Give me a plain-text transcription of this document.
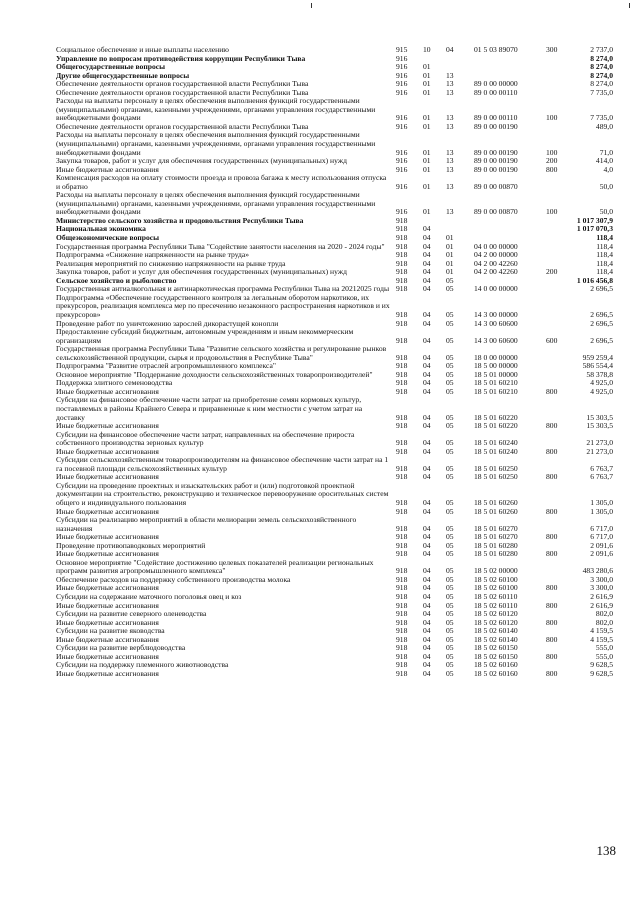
Социальное обеспечение и иные выплаты населению	915 10 04	01 5 03 89070	300	2 737,0
Управление по вопросам противодействия коррупции Республики Тыва	916	8 274,0
Общегосударственные вопросы	916 01	8 274,0
Другие общегосударственные вопросы	916 01 13	8 274,0
Обеспечение деятельности органов государственной власти Республики Тыва	916 01 13	89 0 00 00000	8 274,0
Обеспечение деятельности органов государственной власти Республики Тыва	916 01 13	89 0 00 00110	7 735,0
Расходы на выплаты персоналу в целях обеспечения выполнения функций государственными (муниципальными) органами, казенными учреждениями, органами управления государственными внебюджетными фондами	916 01 13	89 0 00 00110	100	7 735,0
Обеспечение деятельности органов государственной власти Республики Тыва	916 01 13	89 0 00 00190	489,0
Расходы на выплаты персоналу в целях обеспечения выполнения функций государственными (муниципальными) органами, казенными учреждениями, органами управления государственными внебюджетными фондами	916 01 13	89 0 00 00190	100	71,0
Закупка товаров, работ и услуг для обеспечения государственных (муниципальных) нужд	916 01 13	89 0 00 00190	200	414,0
Иные бюджетные ассигнования	916 01 13	89 0 00 00190	800	4,0
Компенсация расходов на оплату стоимости проезда и провоза багажа к месту использования отпуска и обратно	916 01 13	89 0 00 00870	50,0
Расходы на выплаты персоналу в целях обеспечения выполнения функций государственными (муниципальными) органами, казенными учреждениями, органами управления государственными внебюджетными фондами	916 01 13	89 0 00 00870	100	50,0
Министерство сельского хозяйства и продовольствия Республики Тыва	918	1 017 307,9
Национальная экономика	918 04	1 017 070,3
Общеэкономические вопросы	918 04 01	118,4
Государственная программа Республики Тыва "Содействие занятости населения на 2020 - 2024 годы"	918 04 01	04 0 00 00000	118,4
Подпрограмма «Снижение напряженности на рынке труда»	918 04 01	04 2 00 00000	118,4
Реализация мероприятий по снижению напряженности на рынке труда	918 04 01	04 2 00 42260	118,4
Закупка товаров, работ и услуг для обеспечения государственных (муниципальных) нужд	918 04 01	04 2 00 42260	200	118,4
Сельское хозяйство и рыболовство	918 04 05	1 016 456,8
Государственная антиалкогольная и антинаркотическая программа Республики Тыва на 20212025 годы 918 04 05	14 0 00 00000	2 696,5
Подпрограмма «Обеспечение государственного контроля за легальным оборотом наркотиков, их прекурсоров, реализация комплекса мер по пресечению незаконного распространения наркотиков и их прекурсоров»	918 04 05	14 3 00 00000	2 696,5
Проведение работ по уничтожению зарослей дикорастущей конопли	918 04 05	14 3 00 60600	2 696,5
Предоставление субсидий бюджетным, автономным учреждениям и иным некоммерческим организациям	918 04 05	14 3 00 60600	600	2 696,5
Государственная программа Республики Тыва "Развитие сельского хозяйства и регулирование рынков сельскохозяйственной продукции, сырья и продовольствия в Республике Тыва"	918 04 05	18 0 00 00000	959 259,4
Подпрограмма "Развитие отраслей агропромышленного комплекса"	918 04 05	18 5 00 00000	586 554,4
Основное мероприятие "Поддержание доходности сельскохозяйственных товаропроизводителей"	918 04 05	18 5 01 00000	58 378,8
Поддержка элитного семеноводства	918 04 05	18 5 01 60210	4 925,0
Иные бюджетные ассигнования	918 04 05	18 5 01 60210	800	4 925,0
Субсидии на финансовое обеспечение части затрат на приобретение семян кормовых культур, поставляемых в районы Крайнего Севера и приравненные к ним местности с учетом затрат на доставку	918 04 05	18 5 01 60220	15 303,5
Иные бюджетные ассигнования	918 04 05	18 5 01 60220	800	15 303,5
Субсидии на финансовое обеспечение части затрат, направленных на обеспечение прироста собственного производства зерновых культур	918 04 05	18 5 01 60240	21 273,0
Иные бюджетные ассигнования	918 04 05	18 5 01 60240	800	21 273,0
Субсидии сельскохозяйственным товаропроизводителям на финансовое обеспечение части затрат на 1 га посевной площади сельскохозяйственных культур	918 04 05	18 5 01 60250	6 763,7
Иные бюджетные ассигнования	918 04 05	18 5 01 60250	800	6 763,7
Субсидии на проведение проектных и изыскательских работ и (или) подготовкой проектной документации на строительство, реконструкцию и техническое перевооружение оросительных систем общего и индивидуального пользования	918 04 05	18 5 01 60260	1 305,0
Иные бюджетные ассигнования	918 04 05	18 5 01 60260	800	1 305,0
Субсидии на реализацию мероприятий в области мелиорации земель сельскохозяйственного назначения	918 04 05	18 5 01 60270	6 717,0
Иные бюджетные ассигнования	918 04 05	18 5 01 60270	800	6 717,0
Проведение противопаводковых мероприятий	918 04 05	18 5 01 60280	2 091,6
Иные бюджетные ассигнования	918 04 05	18 5 01 60280	800	2 091,6
Основное мероприятие "Содействие достижению целевых показателей реализации региональных программ развития агропромышленного комплекса"	918 04 05	18 5 02 00000	483 280,6
Обеспечение расходов на поддержку собственного производства молока	918 04 05	18 5 02 60100	3 300,0
Иные бюджетные ассигнования	918 04 05	18 5 02 60100	800	3 300,0
Субсидии на содержание маточного поголовья овец и коз	918 04 05	18 5 02 60110	2 616,9
Иные бюджетные ассигнования	918 04 05	18 5 02 60110	800	2 616,9
Субсидии на развитие северного оленеводства	918 04 05	18 5 02 60120	802,0
Иные бюджетные ассигнования	918 04 05	18 5 02 60120	800	802,0
Субсидии на развитие яководства	918 04 05	18 5 02 60140	4 159,5
Иные бюджетные ассигнования	918 04 05	18 5 02 60140	800	4 159,5
Субсидии на развитие верблюдоводства	918 04 05	18 5 02 60150	555,0
Иные бюджетные ассигнования	918 04 05	18 5 02 60150	800	555,0
Субсидии на поддержку племенного животноводства	918 04 05	18 5 02 60160	9 628,5
Иные бюджетные ассигнования	918 04 05	18 5 02 60160	800	9 628,5
138
